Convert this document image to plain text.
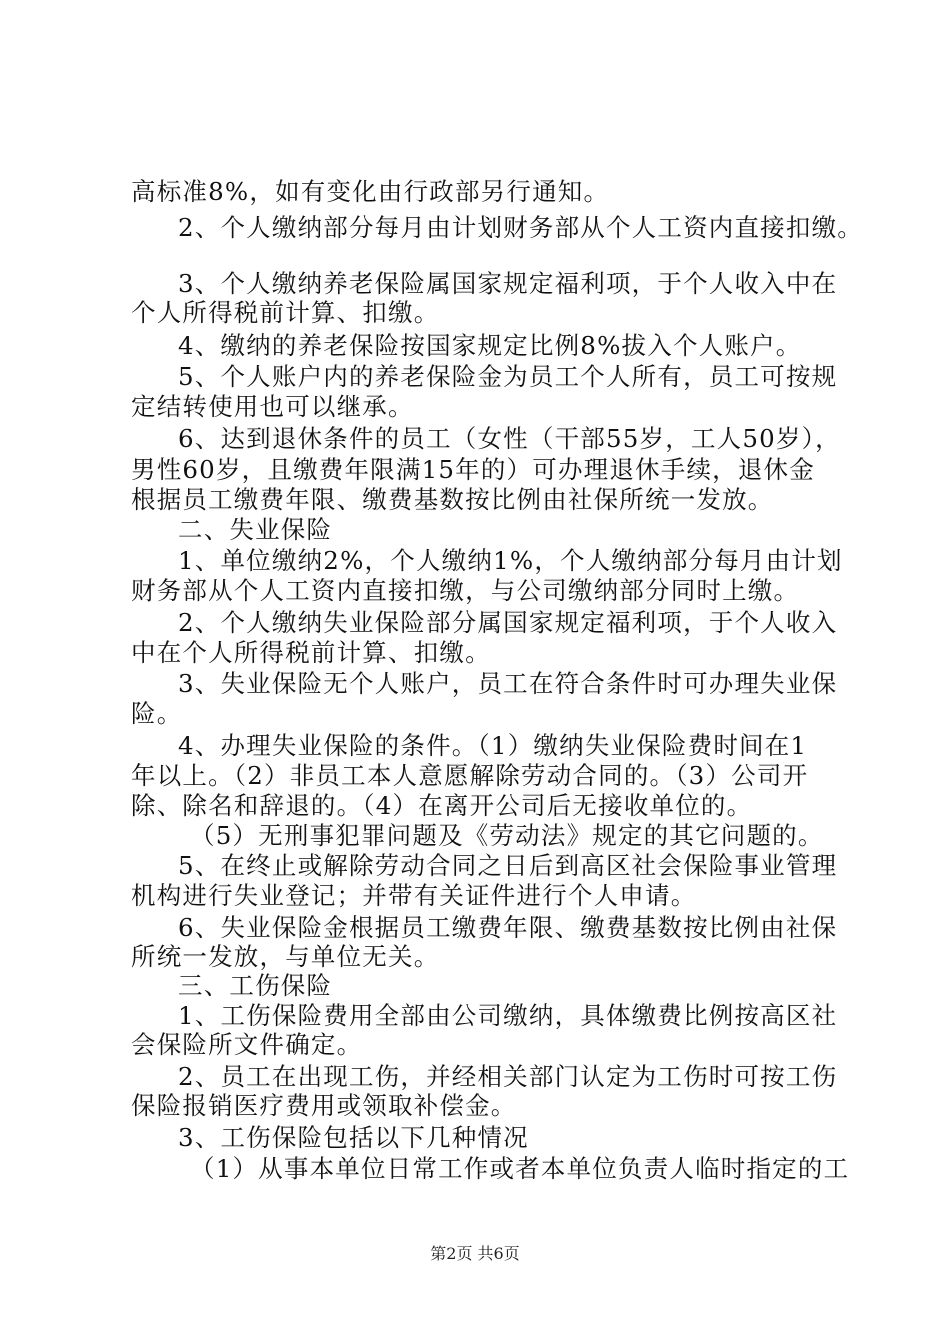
高标准8%，如有变化由行政部另行通知。
2、个人缴纳部分每月由计划财务部从个人工资内直接扣缴。
3、个人缴纳养老保险属国家规定福利项，于个人收入中在
个人所得税前计算、扣缴。
4、缴纳的养老保险按国家规定比例8%拔入个人账户。
5、个人账户内的养老保险金为员工个人所有，员工可按规
定结转使用也可以继承。
6、达到退休条件的员工（女性（干部55岁，工人50岁），
男性60岁，且缴费年限满15年的）可办理退休手续，退休金
根据员工缴费年限、缴费基数按比例由社保所统一发放。
二、失业保险
1、单位缴纳2%，个人缴纳1%，个人缴纳部分每月由计划
财务部从个人工资内直接扣缴，与公司缴纳部分同时上缴。
2、个人缴纳失业保险部分属国家规定福利项，于个人收入
中在个人所得税前计算、扣缴。
3、失业保险无个人账户，员工在符合条件时可办理失业保
险。
4、办理失业保险的条件。（1）缴纳失业保险费时间在1
年以上。（2）非员工本人意愿解除劳动合同的。（3）公司开
除、除名和辞退的。（4）在离开公司后无接收单位的。
（5）无刑事犯罪问题及《劳动法》规定的其它问题的。
5、在终止或解除劳动合同之日后到高区社会保险事业管理
机构进行失业登记；并带有关证件进行个人申请。
6、失业保险金根据员工缴费年限、缴费基数按比例由社保
所统一发放，与单位无关。
三、工伤保险
1、工伤保险费用全部由公司缴纳，具体缴费比例按高区社
会保险所文件确定。
2、员工在出现工伤，并经相关部门认定为工伤时可按工伤
保险报销医疗费用或领取补偿金。
3、工伤保险包括以下几种情况
（1）从事本单位日常工作或者本单位负责人临时指定的工
第2页 共6页
